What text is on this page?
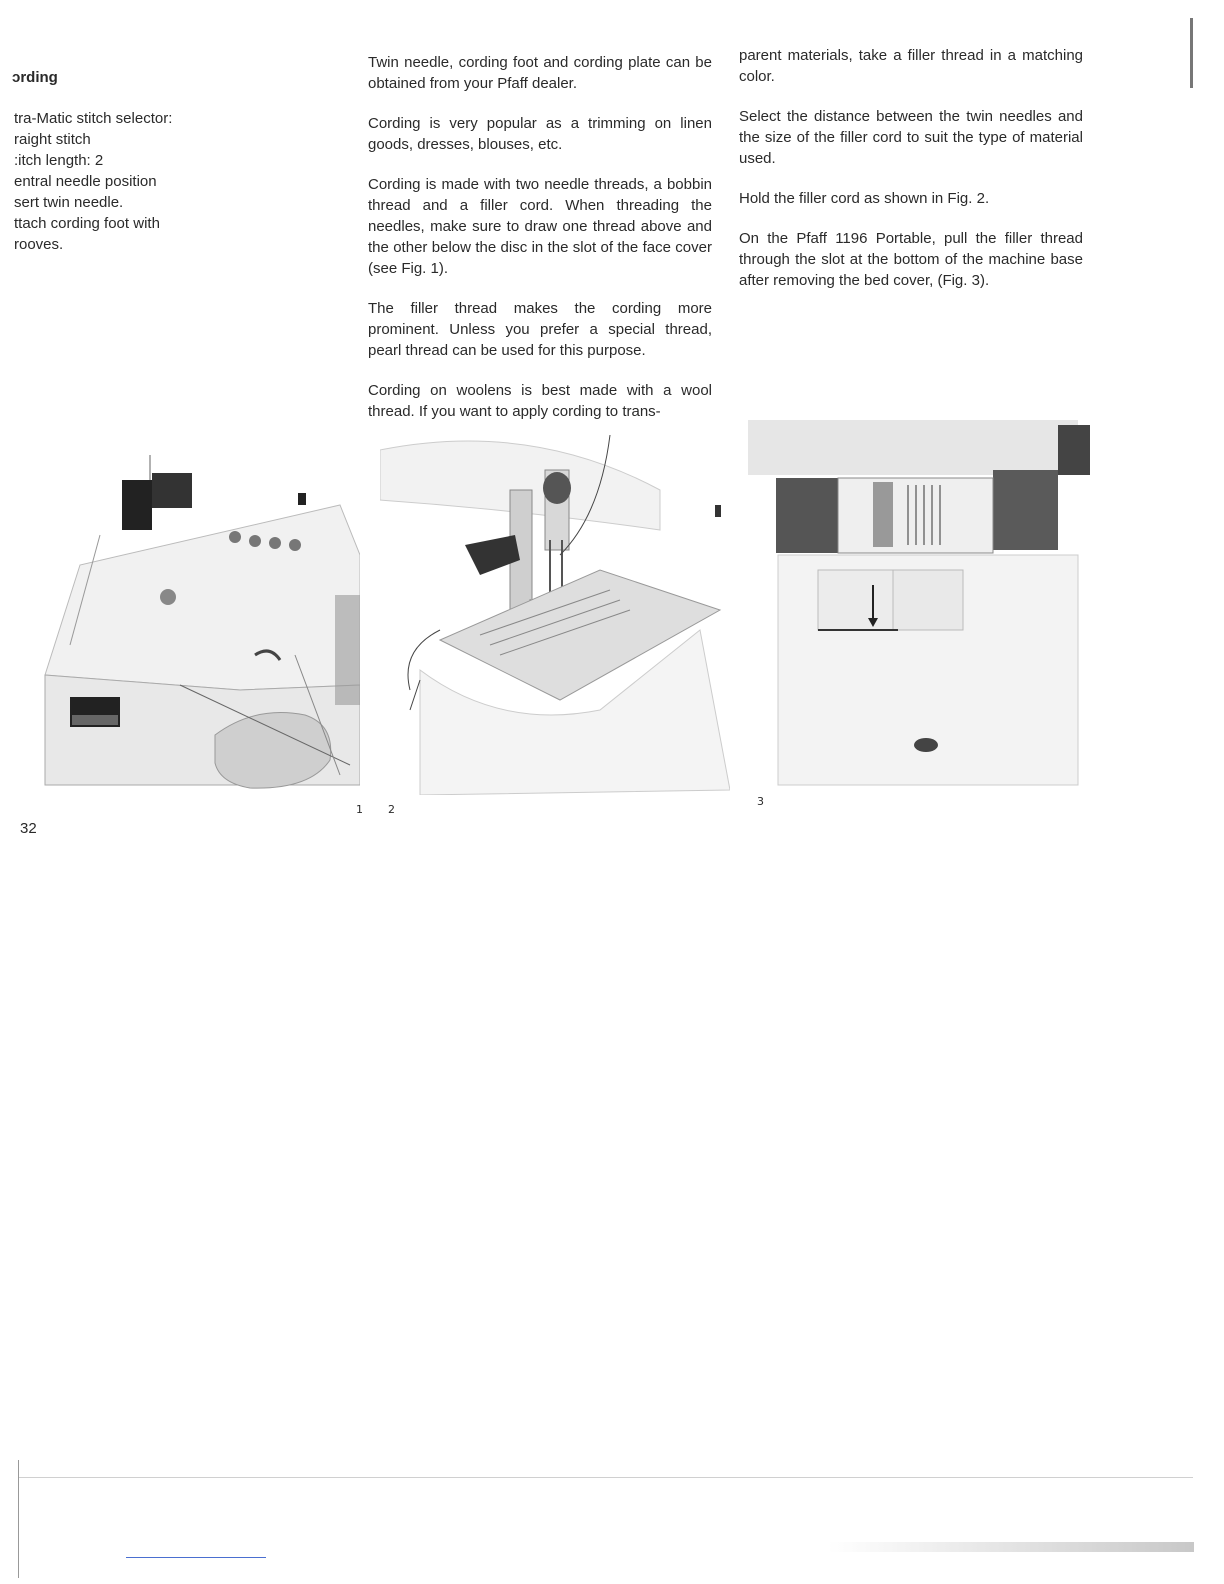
ɔrding
tra-Matic stitch selector:
raight stitch
:itch length: 2
entral needle position
sert twin needle.
ttach cording foot with
rooves.

Twin needle, cording foot and cording plate can be obtained from your Pfaff dealer.

Cording is very popular as a trimming on linen goods, dresses, blouses, etc.

Cording is made with two needle threads, a bobbin thread and a filler cord. When threading the needles, make sure to draw one thread above and the other below the disc in the slot of the face cover (see Fig. 1).

The filler thread makes the cording more prominent. Unless you prefer a special thread, pearl thread can be used for this purpose.

Cording on woolens is best made with a wool thread. If you want to apply cording to trans-

parent materials, take a filler thread in a matching color.

Select the distance between the twin needles and the size of the filler cord to suit the type of material used.

Hold the filler cord as shown in Fig. 2.

On the Pfaff 1196 Portable, pull the filler thread through the slot at the bottom of the machine base after removing the bed cover, (Fig. 3).

1 2
3
32
